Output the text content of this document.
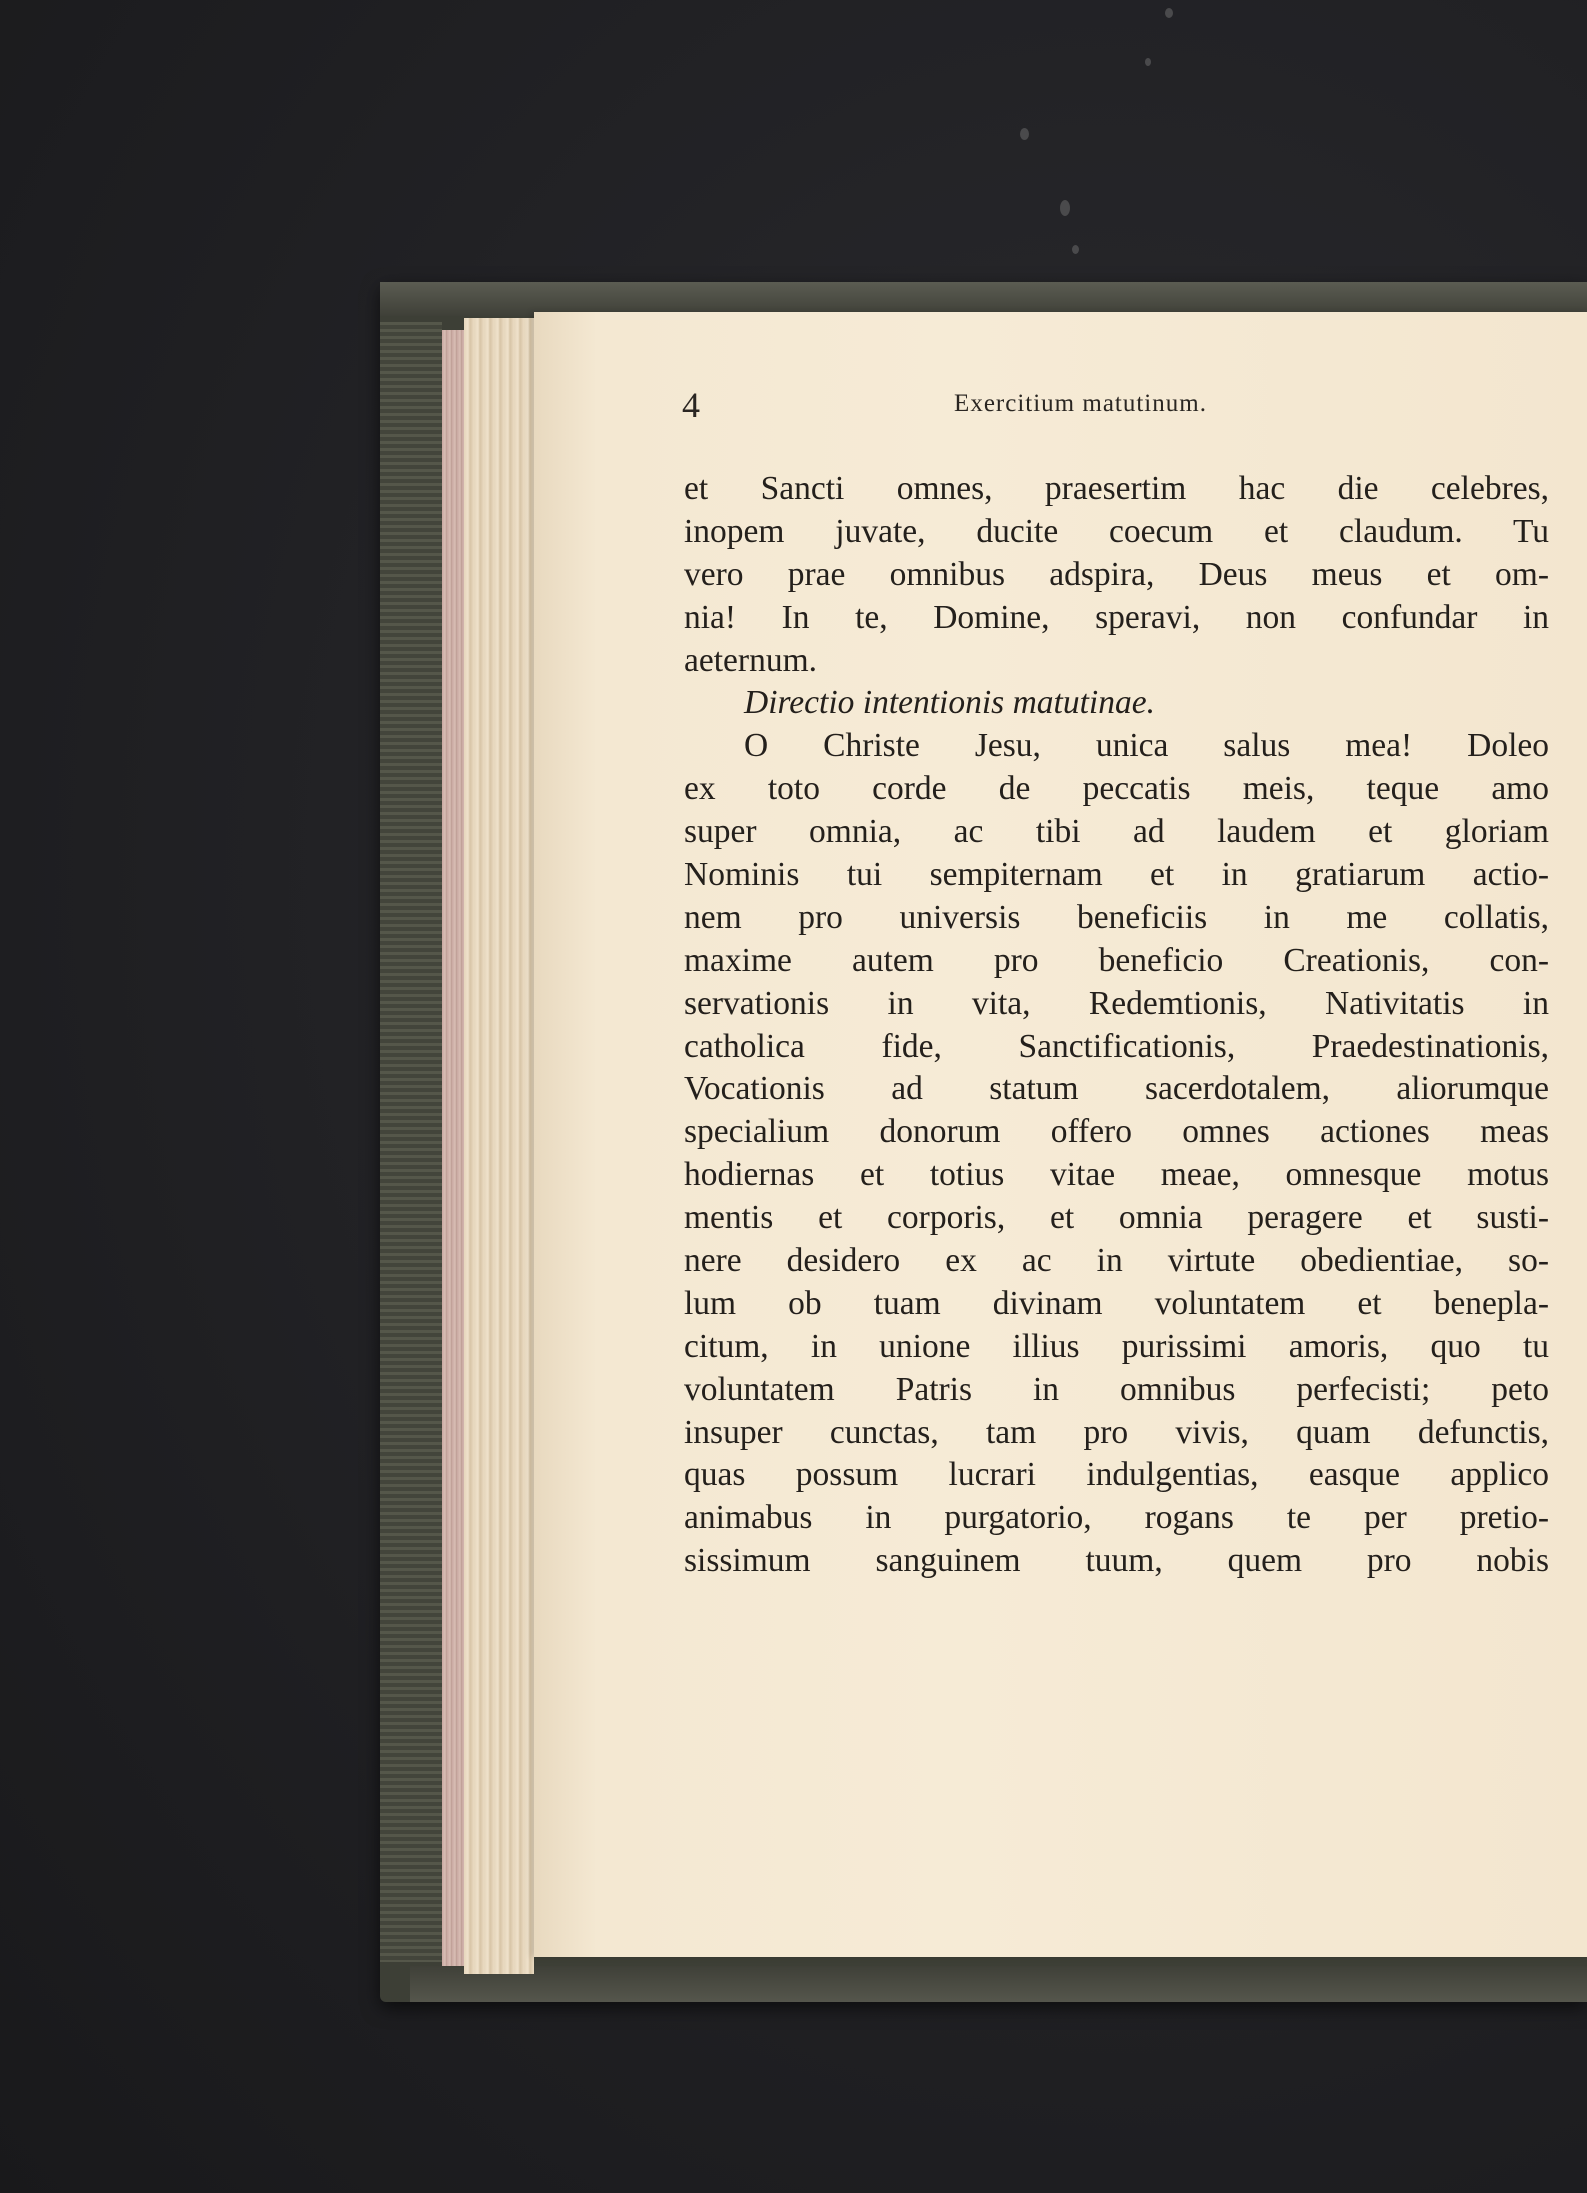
4	Exercitium matutinum.
et Sancti omnes, praesertim hac die celebres,
inopem juvate, ducite coecum et claudum. Tu
vero prae omnibus adspira, Deus meus et om-
nia! In te, Domine, speravi, non confundar in
aeternum.
Directio intentionis matutinae.
O Christe Jesu, unica salus mea! Doleo
ex toto corde de peccatis meis, teque amo
super omnia, ac tibi ad laudem et gloriam
Nominis tui sempiternam et in gratiarum actio-
nem pro universis beneficiis in me collatis,
maxime autem pro beneficio Creationis, con-
servationis in vita, Redemtionis, Nativitatis in
catholica fide, Sanctificationis, Praedestinationis,
Vocationis ad statum sacerdotalem, aliorumque
specialium donorum offero omnes actiones meas
hodiernas et totius vitae meae, omnesque motus
mentis et corporis, et omnia peragere et susti-
nere desidero ex ac in virtute obedientiae, so-
lum ob tuam divinam voluntatem et benepla-
citum, in unione illius purissimi amoris, quo tu
voluntatem Patris in omnibus perfecisti; peto
insuper cunctas, tam pro vivis, quam defunctis,
quas possum lucrari indulgentias, easque applico
animabus in purgatorio, rogans te per pretio-
sissimum sanguinem tuum, quem pro nobis
